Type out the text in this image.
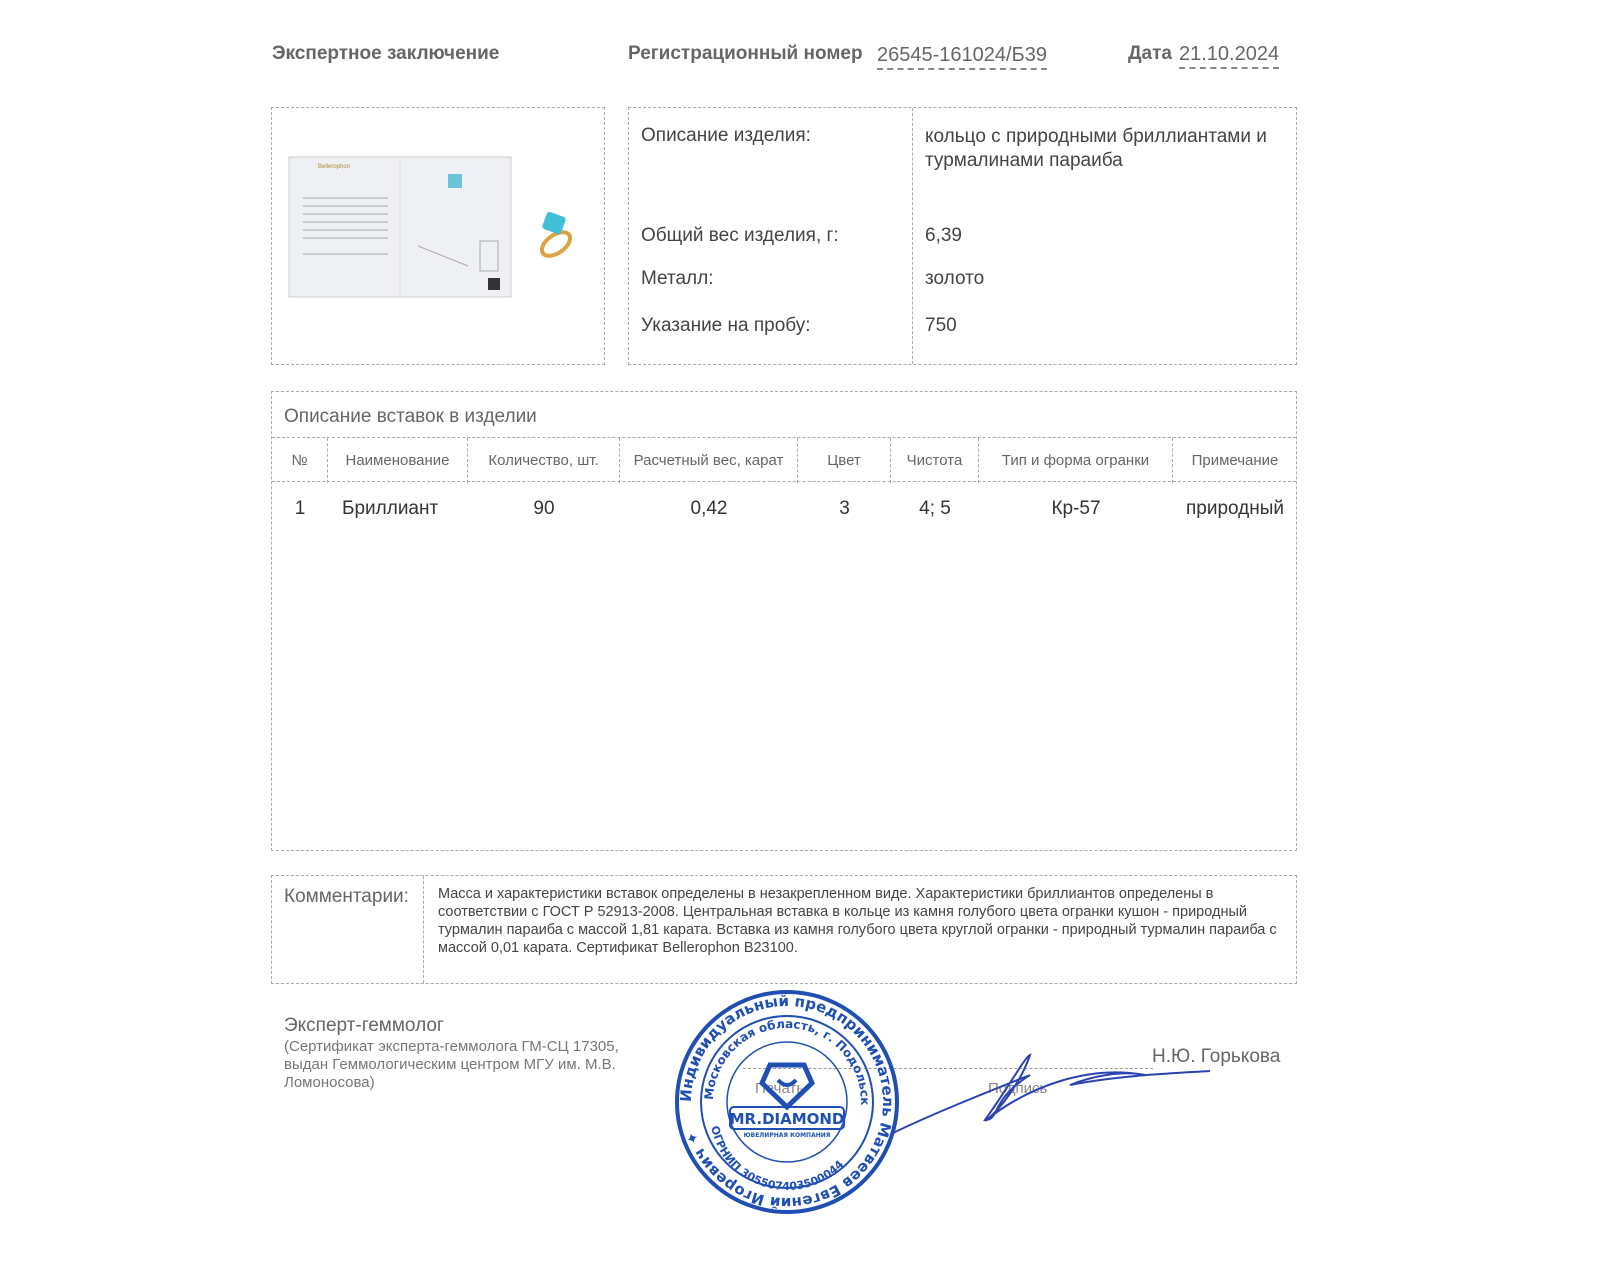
Экспертное заключение	Регистрационный номер 26545-161024/Б39	Дата 21.10.2024
Bellerophon
Описание изделия:	кольцо с природными бриллиантами и турмалинами параиба
Общий вес изделия, г:	6,39
Металл:	золото
Указание на пробу:	750
Описание вставок в изделии
№	Наименование	Количество, шт.	Расчетный вес, карат	Цвет	Чистота	Тип и форма огранки	Примечание
1	Бриллиант	90	0,42	3	4; 5	Кр-57	природный
Комментарии: Масса и характеристики вставок определены в незакрепленном виде. Характеристики бриллиантов определены в соответствии с ГОСТ Р 52913-2008. Центральная вставка в кольце из камня голубого цвета огранки кушон - природный турмалин параиба с массой 1,81 карата. Вставка из камня голубого цвета круглой огранки - природный турмалин параиба с массой 0,01 карата. Сертификат Bellerophon B23100.
Эксперт-геммолог
(Сертификат эксперта-геммолога ГМ-СЦ 17305, выдан Геммологическим центром МГУ им. М.В. Ломоносова)	Печать	Подпись
Н.Ю. Горькова
Индивидуальный предприниматель Матвеев Евгений Игоревич ✦
Московская область, г. Подольск
ОГРНИП 305507403500044
MR.DIAMOND
ЮВЕЛИРНАЯ КОМПАНИЯ
